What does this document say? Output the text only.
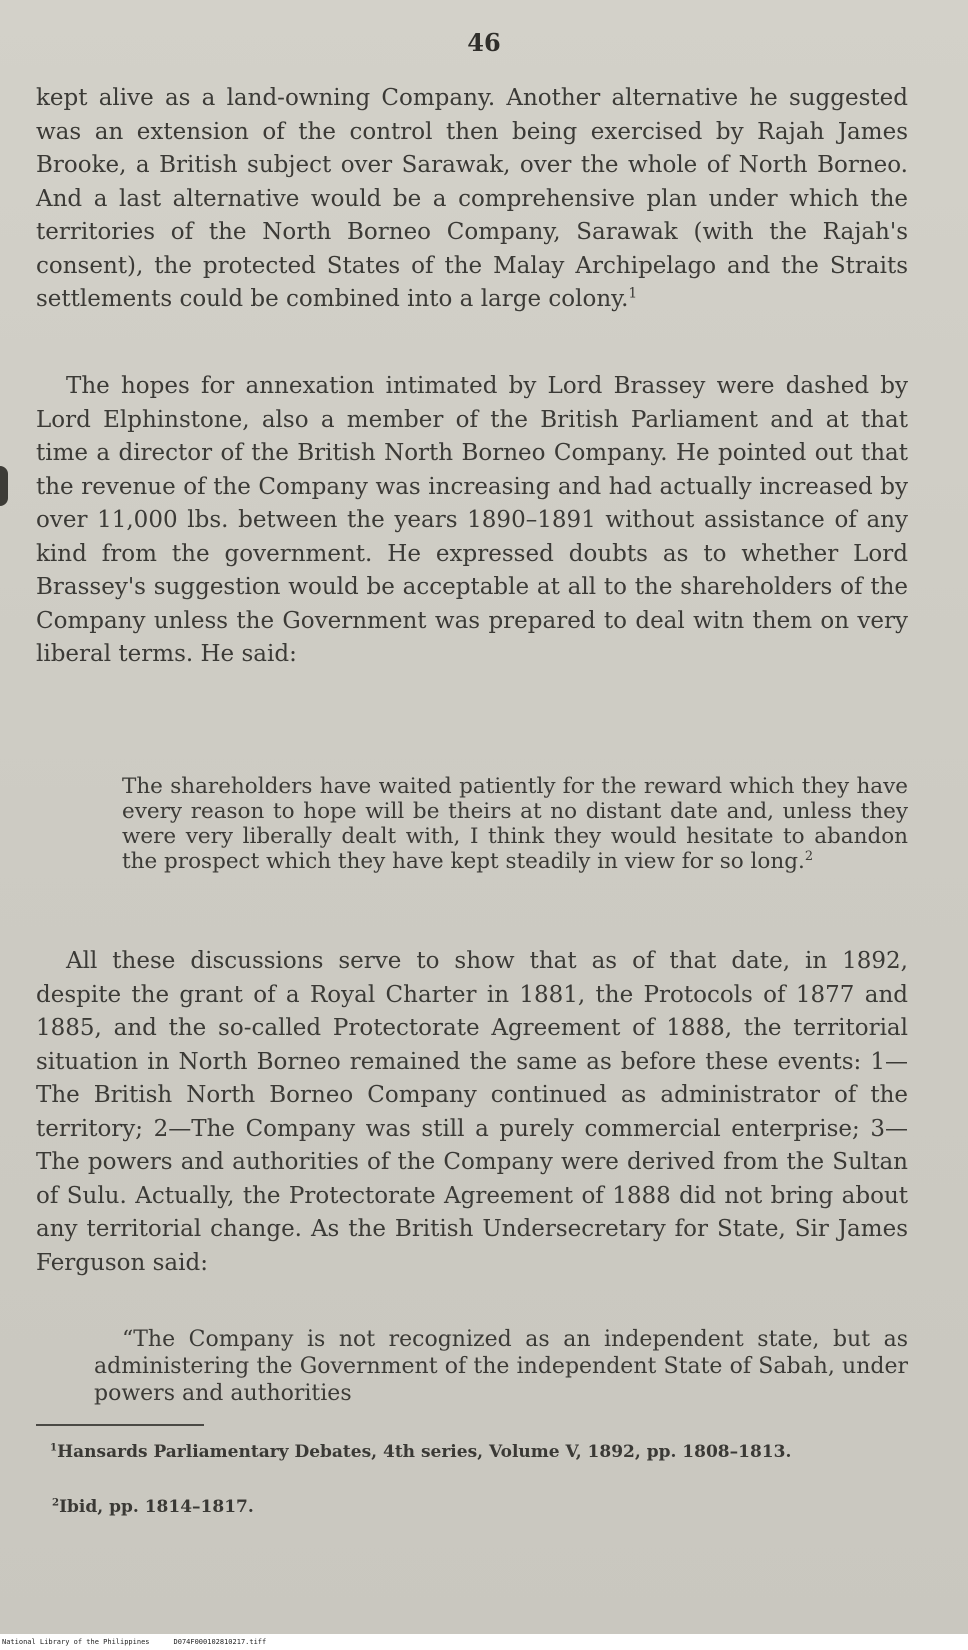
46

kept alive as a land-owning Company. Another alternative he suggested was an extension of the control then being exercised by Rajah James Brooke, a British subject over Sarawak, over the whole of North Borneo. And a last alternative would be a comprehensive plan under which the territories of the North Borneo Company, Sarawak (with the Rajah's consent), the protected States of the Malay Archipelago and the Straits settlements could be combined into a large colony.$^1$

The hopes for annexation intimated by Lord Brassey were dashed by Lord Elphinstone, also a member of the British Parliament and at that time a director of the British North Borneo Company. He pointed out that the revenue of the Company was increasing and had actually increased by over 11,000 lbs. between the years 1890–1891 without assistance of any kind from the government. He expressed doubts as to whether Lord Brassey's suggestion would be acceptable at all to the shareholders of the Company unless the Government was prepared to deal witn them on very liberal terms. He said:

The shareholders have waited patiently for the reward which they have every reason to hope will be theirs at no distant date and, unless they were very liberally dealt with, I think they would hesitate to abandon the prospect which they have kept steadily in view for so long.$^2$

All these discussions serve to show that as of that date, in 1892, despite the grant of a Royal Charter in 1881, the Protocols of 1877 and 1885, and the so-called Protectorate Agreement of 1888, the territorial situation in North Borneo remained the same as before these events: 1—The British North Borneo Company continued as administrator of the territory; 2—The Company was still a purely commercial enterprise; 3—The powers and authorities of the Company were derived from the Sultan of Sulu. Actually, the Protectorate Agreement of 1888 did not bring about any territorial change. As the British Undersecretary for State, Sir James Ferguson said:

“The Company is not recognized as an independent state, but as administering the Government of the independent State of Sabah, under powers and authorities

$^1$Hansards Parliamentary Debates, 4th series, Volume V, 1892, pp. 1808–1813.

$^2$Ibid, pp. 1814–1817.

National Library of the Philippines	D074F000102810217.tiff
